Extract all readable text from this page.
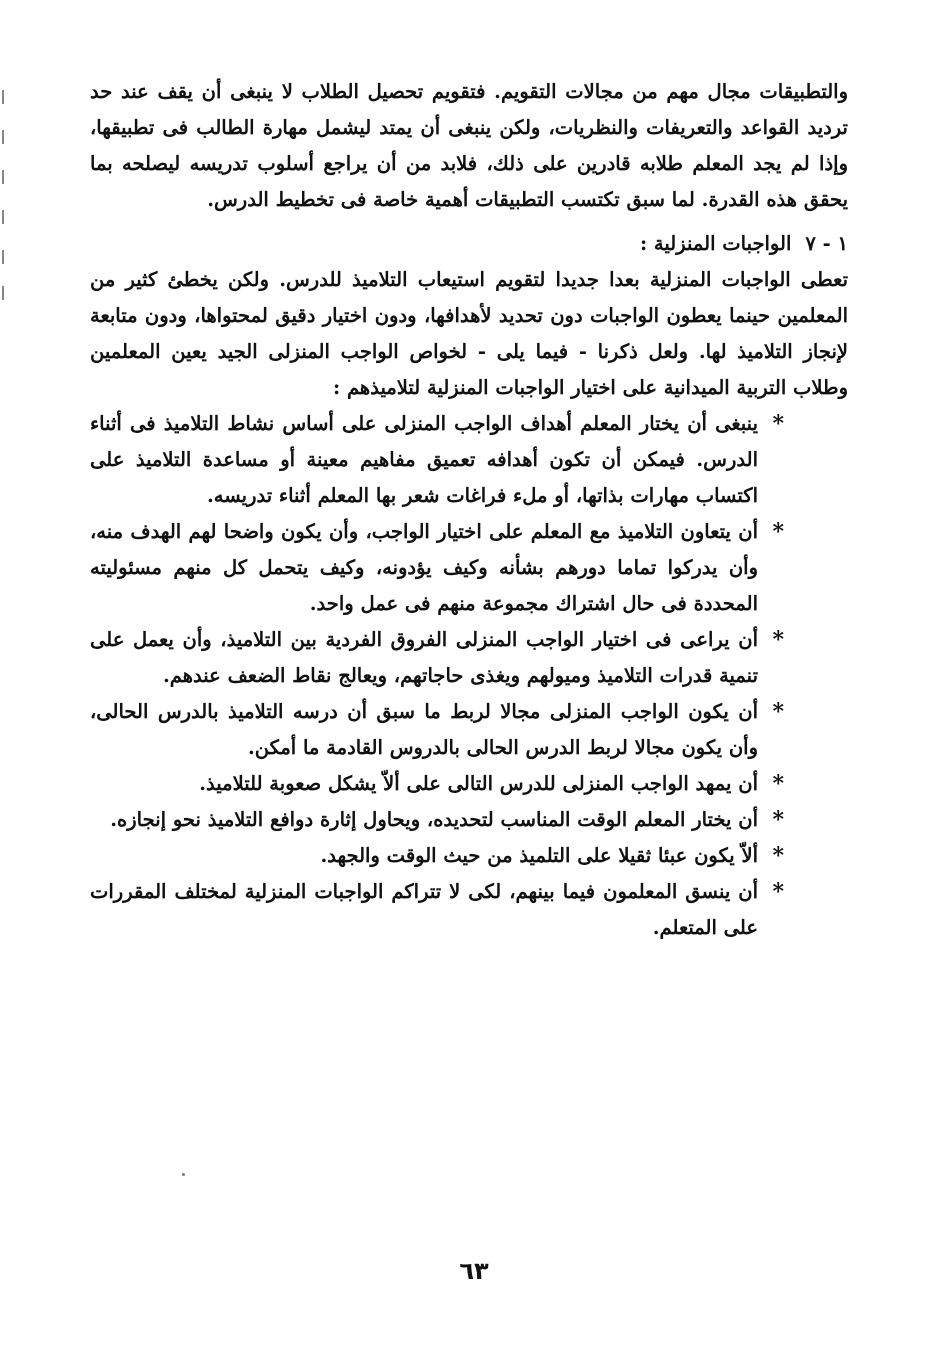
والتطبيقات مجال مهم من مجالات التقويم. فتقويم تحصيل الطلاب لا ينبغى أن يقف عند حد ترديد القواعد والتعريفات والنظريات، ولكن ينبغى أن يمتد ليشمل مهارة الطالب فى تطبيقها، وإذا لم يجد المعلم طلابه قادرين على ذلك، فلابد من أن يراجع أسلوب تدريسه ليصلحه بما يحقق هذه القدرة. لما سبق تكتسب التطبيقات أهمية خاصة فى تخطيط الدرس.

١ - ٧الواجبات المنزلية :

تعطى الواجبات المنزلية بعدا جديدا لتقويم استيعاب التلاميذ للدرس. ولكن يخطئ كثير من المعلمين حينما يعطون الواجبات دون تحديد لأهدافها، ودون اختيار دقيق لمحتواها، ودون متابعة لإنجاز التلاميذ لها. ولعل ذكرنا - فيما يلى - لخواص الواجب المنزلى الجيد يعين المعلمين وطلاب التربية الميدانية على اختيار الواجبات المنزلية لتلاميذهم :

*
ينبغى أن يختار المعلم أهداف الواجب المنزلى على أساس نشاط التلاميذ فى أثناء الدرس. فيمكن أن تكون أهدافه تعميق مفاهيم معينة أو مساعدة التلاميذ على اكتساب مهارات بذاتها، أو ملء فراغات شعر بها المعلم أثناء تدريسه.
*
أن يتعاون التلاميذ مع المعلم على اختيار الواجب، وأن يكون واضحا لهم الهدف منه، وأن يدركوا تماما دورهم بشأنه وكيف يؤدونه، وكيف يتحمل كل منهم مسئوليته المحددة فى حال اشتراك مجموعة منهم فى عمل واحد.
*
أن يراعى فى اختيار الواجب المنزلى الفروق الفردية بين التلاميذ، وأن يعمل على تنمية قدرات التلاميذ وميولهم ويغذى حاجاتهم، ويعالج نقاط الضعف عندهم.
*
أن يكون الواجب المنزلى مجالا لربط ما سبق أن درسه التلاميذ بالدرس الحالى، وأن يكون مجالا لربط الدرس الحالى بالدروس القادمة ما أمكن.
*
أن يمهد الواجب المنزلى للدرس التالى على ألاّ يشكل صعوبة للتلاميذ.
*
أن يختار المعلم الوقت المناسب لتحديده، ويحاول إثارة دوافع التلاميذ نحو إنجازه.
*
ألاّ يكون عبئا ثقيلا على التلميذ من حيث الوقت والجهد.
*
أن ينسق المعلمون فيما بينهم، لكى لا تتراكم الواجبات المنزلية لمختلف المقررات على المتعلم.
٦٣
